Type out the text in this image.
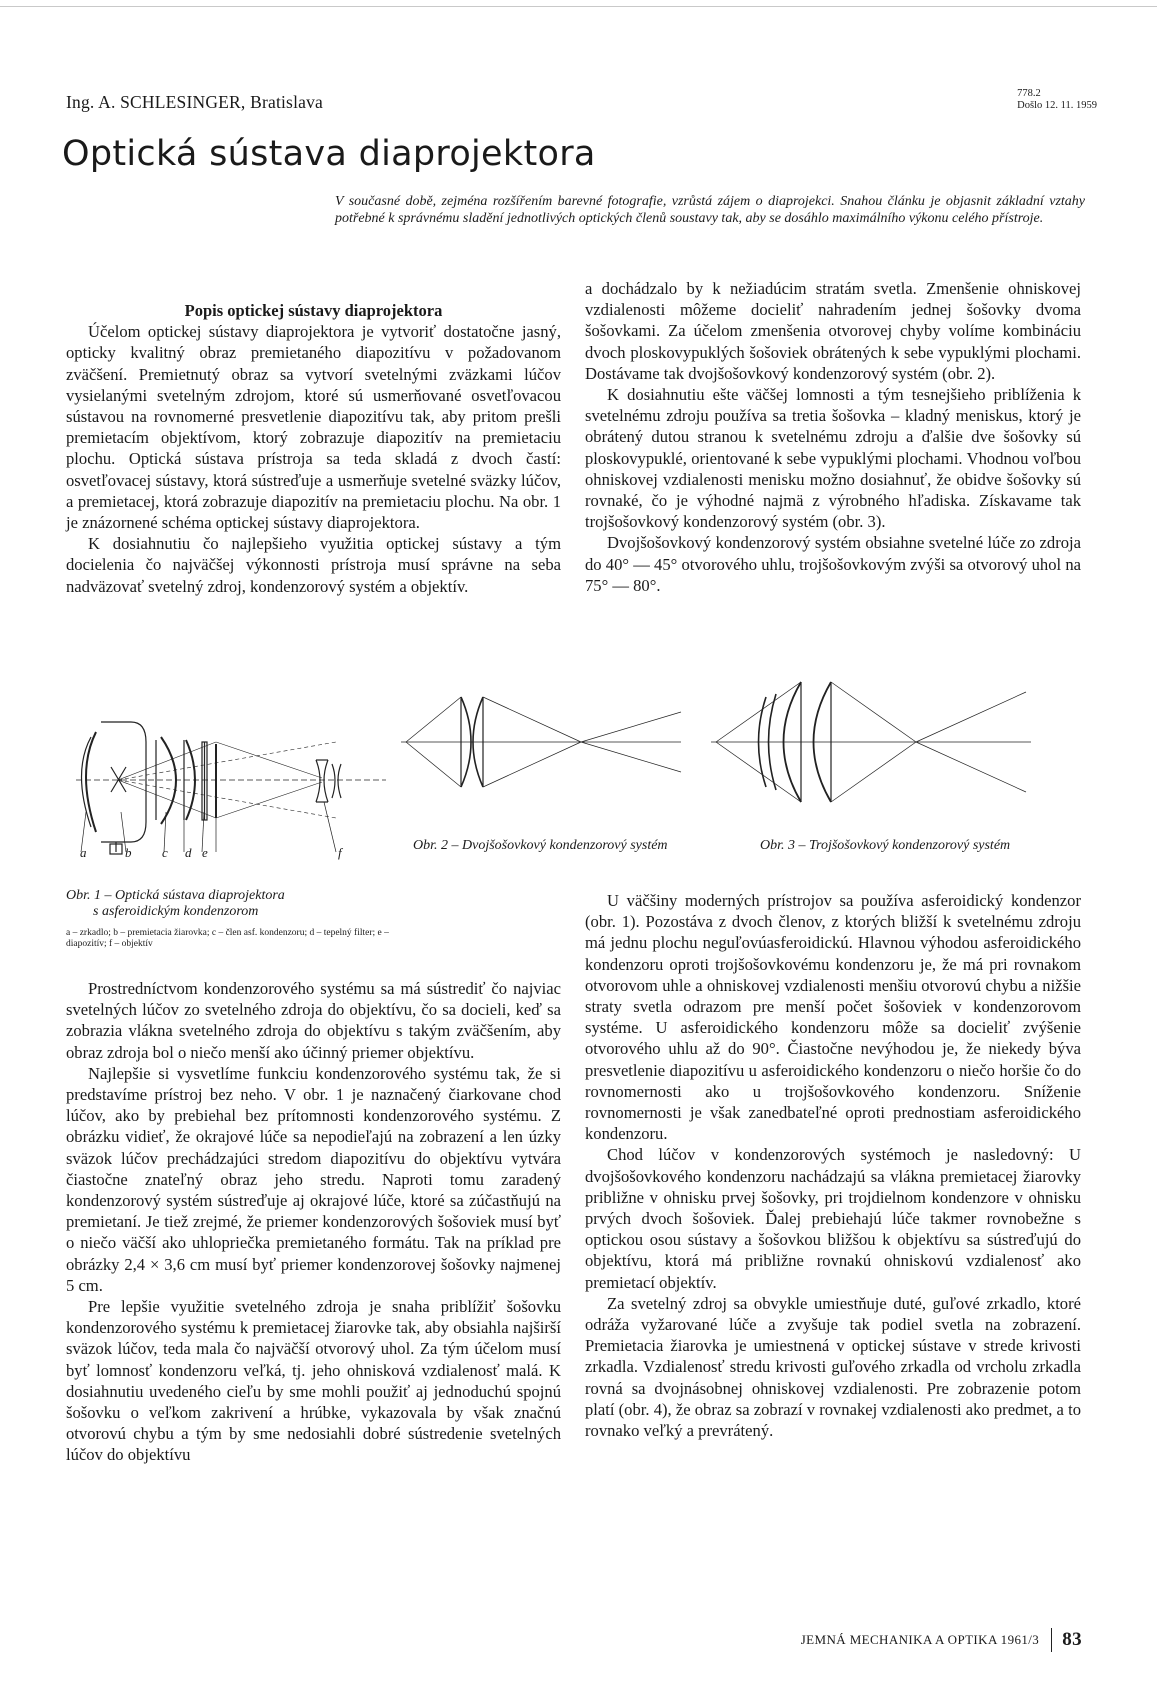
Ing. A. SCHLESINGER, Bratislava	778.2
Došlo 12. 11. 1959
Optická sústava diaprojektora
V současné době, zejména rozšířením barevné fotografie, vzrůstá zájem o diaprojekci. Snahou článku je objasnit základní vztahy potřebné k správnému sladění jednotlivých optických členů soustavy tak, aby se dosáhlo maximálního výkonu celého přístroje.

Popis optickej sústavy diaprojektora

Účelom optickej sústavy diaprojektora je vytvoriť dostatočne jasný, opticky kvalitný obraz premietaného diapozitívu v požadovanom zväčšení. Premietnutý obraz sa vytvorí svetelnými zväzkami lúčov vysielanými svetelným zdrojom, ktoré sú usmerňované osvetľovacou sústavou na rovnomerné presvetlenie diapozitívu tak, aby pritom prešli premietacím objektívom, ktorý zobrazuje diapozitív na premietaciu plochu. Optická sústava prístroja sa teda skladá z dvoch častí: osvetľovacej sústavy, ktorá sústreďuje a usmerňuje svetelné sväzky lúčov, a premietacej, ktorá zobrazuje diapozitív na premietaciu plochu. Na obr. 1 je znázornené schéma optickej sústavy diaprojektora.

K dosiahnutiu čo najlepšieho využitia optickej sústavy a tým docielenia čo najväčšej výkonnosti prístroja musí správne na seba nadväzovať svetelný zdroj, kondenzorový systém a objektív.

a dochádzalo by k nežiadúcim stratám svetla. Zmenšenie ohniskovej vzdialenosti môžeme docieliť nahradením jednej šošovky dvoma šošovkami. Za účelom zmenšenia otvorovej chyby volíme kombináciu dvoch ploskovypuklých šošoviek obrátených k sebe vypuklými plochami. Dostávame tak dvojšošovkový kondenzorový systém (obr. 2).

K dosiahnutiu ešte väčšej lomnosti a tým tesnejšieho priblíženia k svetelnému zdroju používa sa tretia šošovka – kladný meniskus, ktorý je obrátený dutou stranou k svetelnému zdroju a ďalšie dve šošovky sú ploskovypuklé, orientované k sebe vypuklými plochami. Vhodnou voľbou ohniskovej vzdialenosti menisku možno dosiahnuť, že obidve šošovky sú rovnaké, čo je výhodné najmä z výrobného hľadiska. Získavame tak trojšošovkový kondenzorový systém (obr. 3).

Dvojšošovkový kondenzorový systém obsiahne svetelné lúče zo zdroja do 40° — 45° otvorového uhlu, trojšošovkovým zvýši sa otvorový uhol na 75° — 80°.

a	b c d e	f	Obr. 2 – Dvojšošovkový kondenzorový systém	Obr. 3 – Trojšošovkový kondenzorový systém
Obr. 1 – Optická sústava diaprojektora
s asferoidickým kondenzorom
a – zrkadlo; b – premietacia žiarovka; c – člen asf. kondenzoru; d – tepelný filter; e – diapozitív; f – objektív

Prostredníctvom kondenzorového systému sa má sústrediť čo najviac svetelných lúčov zo svetelného zdroja do objektívu, čo sa docieli, keď sa zobrazia vlákna svetelného zdroja do objektívu s takým zväčšením, aby obraz zdroja bol o niečo menší ako účinný priemer objektívu.

Najlepšie si vysvetlíme funkciu kondenzorového systému tak, že si predstavíme prístroj bez neho. V obr. 1 je naznačený čiarkovane chod lúčov, ako by prebiehal bez prítomnosti kondenzorového systému. Z obrázku vidieť, že okrajové lúče sa nepodieľajú na zobrazení a len úzky sväzok lúčov prechádzajúci stredom diapozitívu do objektívu vytvára čiastočne znateľný obraz jeho stredu. Naproti tomu zaradený kondenzorový systém sústreďuje aj okrajové lúče, ktoré sa zúčastňujú na premietaní. Je tiež zrejmé, že priemer kondenzorových šošoviek musí byť o niečo väčší ako uhlopriečka premietaného formátu. Tak na príklad pre obrázky 2,4 × 3,6 cm musí byť priemer kondenzorovej šošovky najmenej 5 cm.

Pre lepšie využitie svetelného zdroja je snaha priblížiť šošovku kondenzorového systému k premietacej žiarovke tak, aby obsiahla najširší sväzok lúčov, teda mala čo najväčší otvorový uhol. Za tým účelom musí byť lomnosť kondenzoru veľká, tj. jeho ohnisková vzdialenosť malá. K dosiahnutiu uvedeného cieľu by sme mohli použiť aj jednoduchú spojnú šošovku o veľkom zakrivení a hrúbke, vykazovala by však značnú otvorovú chybu a tým by sme nedosiahli dobré sústredenie svetelných lúčov do objektívu

U väčšiny moderných prístrojov sa používa asferoidický kondenzor (obr. 1). Pozostáva z dvoch členov, z ktorých bližší k svetelnému zdroju má jednu plochu neguľovúasferoidickú. Hlavnou výhodou asferoidického kondenzoru oproti trojšošovkovému kondenzoru je, že má pri rovnakom otvorovom uhle a ohniskovej vzdialenosti menšiu otvorovú chybu a nižšie straty svetla odrazom pre menší počet šošoviek v kondenzorovom systéme. U asferoidického kondenzoru môže sa docieliť zvýšenie otvorového uhlu až do 90°. Čiastočne nevýhodou je, že niekedy býva presvetlenie diapozitívu u asferoidického kondenzoru o niečo horšie čo do rovnomernosti ako u trojšošovkového kondenzoru. Sníženie rovnomernosti je však zanedbateľné oproti prednostiam asferoidického kondenzoru.

Chod lúčov v kondenzorových systémoch je nasledovný: U dvojšošovkového kondenzoru nachádzajú sa vlákna premietacej žiarovky približne v ohnisku prvej šošovky, pri trojdielnom kondenzore v ohnisku prvých dvoch šošoviek. Ďalej prebiehajú lúče takmer rovnobežne s optickou osou sústavy a šošovkou bližšou k objektívu sa sústreďujú do objektívu, ktorá má približne rovnakú ohniskovú vzdialenosť ako premietací objektív.

Za svetelný zdroj sa obvykle umiestňuje duté, guľové zrkadlo, ktoré odráža vyžarované lúče a zvyšuje tak podiel svetla na zobrazení. Premietacia žiarovka je umiestnená v optickej sústave v strede krivosti zrkadla. Vzdialenosť stredu krivosti guľového zrkadla od vrcholu zrkadla rovná sa dvojnásobnej ohniskovej vzdialenosti. Pre zobrazenie potom platí (obr. 4), že obraz sa zobrazí v rovnakej vzdialenosti ako predmet, a to rovnako veľký a prevrátený.

JEMNÁ MECHANIKA A OPTIKA 1961/3 83
